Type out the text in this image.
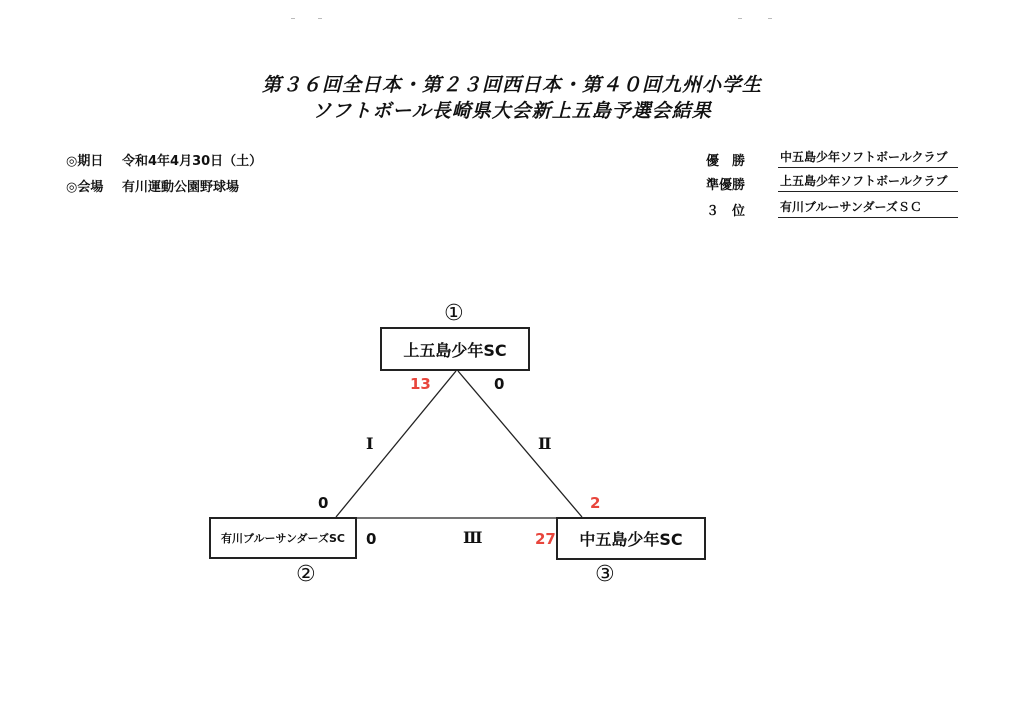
第３６回全日本・第２３回西日本・第４０回九州小学生
ソフトボール長崎県大会新上五島予選会結果
◎期日 令和4年4月30日（土）
◎会場 有川運動公園野球場
優　勝	中五島少年ソフトボールクラブ
準優勝	上五島少年ソフトボールクラブ
３　位	有川ブルーサンダーズＳＣ
①
上五島少年SC
有川ブルーサンダーズSC
②
中五島少年SC
③
Ⅰ	Ⅱ
Ⅲ
13	0
0	2
0	27
